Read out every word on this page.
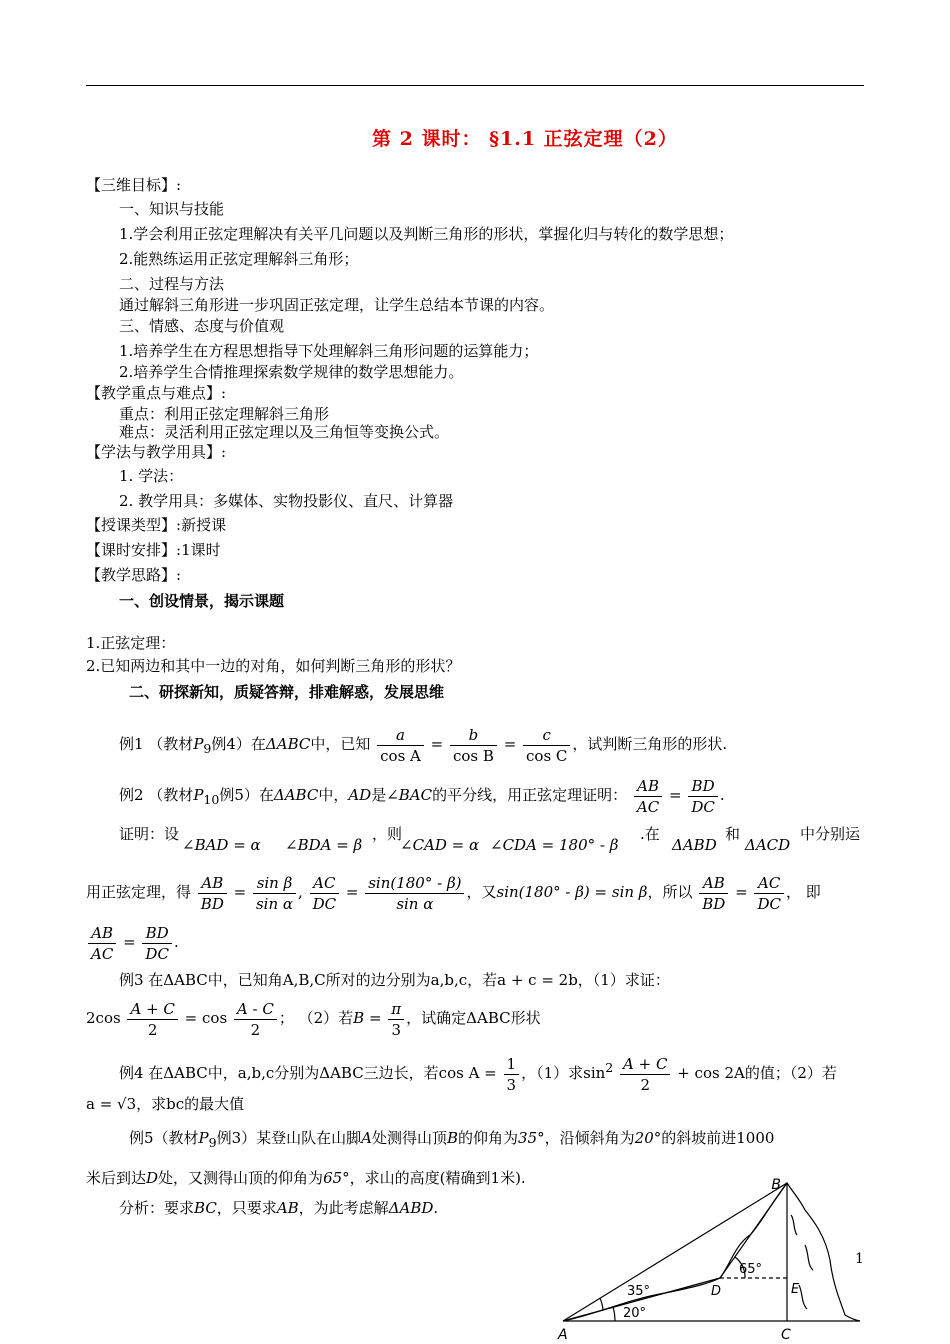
第 2 课时： §1.1 正弦定理（2）
【三维目标】:
一、知识与技能
1.学会利用正弦定理解决有关平几问题以及判断三角形的形状，掌握化归与转化的数学思想；
2.能熟练运用正弦定理解斜三角形；
二、过程与方法
通过解斜三角形进一步巩固正弦定理，让学生总结本节课的内容。
三、情感、态度与价值观
1.培养学生在方程思想指导下处理解斜三角形问题的运算能力；
2.培养学生合情推理探索数学规律的数学思想能力。
【教学重点与难点】:
重点：利用正弦定理解斜三角形
难点：灵活利用正弦定理以及三角恒等变换公式。
【学法与教学用具】:
1. 学法：
2. 教学用具：多媒体、实物投影仪、直尺、计算器
【授课类型】:新授课
【课时安排】:1课时
【教学思路】:
一、创设情景，揭示课题
1.正弦定理：
2.已知两边和其中一边的对角，如何判断三角形的形状？
二、研探新知，质疑答辩，排难解惑，发展思维
例1 （教材$P_9$例4）在ΔABC中，已知 $\frac{a}{\text{cos A}} = \frac{b}{\text{cos B}} = \frac{c}{\text{cos C}}$ ，试判断三角形的形状.
例2 （教材$P_{10}$例5）在ΔABC中，AD是∠BAC的平分线，用正弦定理证明： $\frac{AB}{AC} = \frac{BD}{DC}$ .
证明：设
∠BAD = α ∠BDA = β
，则
∠CAD = α ∠CDA = 180° - β
.在
ΔABD
和
ΔACD
中分别运
用正弦定理，得 $\frac{AB}{BD} = \frac{\text{sin β}}{\text{sin α}}$ , $\frac{AC}{DC} = \frac{\sin(180^\circ - \beta)}{\text{sin α}}$ ，又sin(180° - β) = sin β，所以 $\frac{AB}{BD} = \frac{AC}{DC}$ ， 即
$\frac{AB}{AC} = \frac{BD}{DC}$ .
例3 在ΔABC中，已知角A,B,C所对的边分别为a,b,c，若a + c = 2b，（1）求证：
$2\cos \frac{A + C}{2} = \cos \frac{A - C}{2}$ ； （2）若$B = \frac{\pi}{3}$ ，试确定ΔABC形状
例4 在ΔABC中，a,b,c分别为ΔABC三边长，若$\cos A = \frac{1}{3}$ ，（1）求$\sin^2 \frac{A + C}{2} + \cos 2A$的值；（2）若
a = √3，求bc的最大值
例5（教材$P_9$例3）某登山队在山脚A处测得山顶B的仰角为35°，沿倾斜角为20°的斜坡前进1000
米后到达D处，又测得山顶的仰角为65°，求山的高度(精确到1米).
分析：要求BC，只要求AB，为此考虑解ΔABD.
B
A	C
D	E
65°
35°
20°
1
